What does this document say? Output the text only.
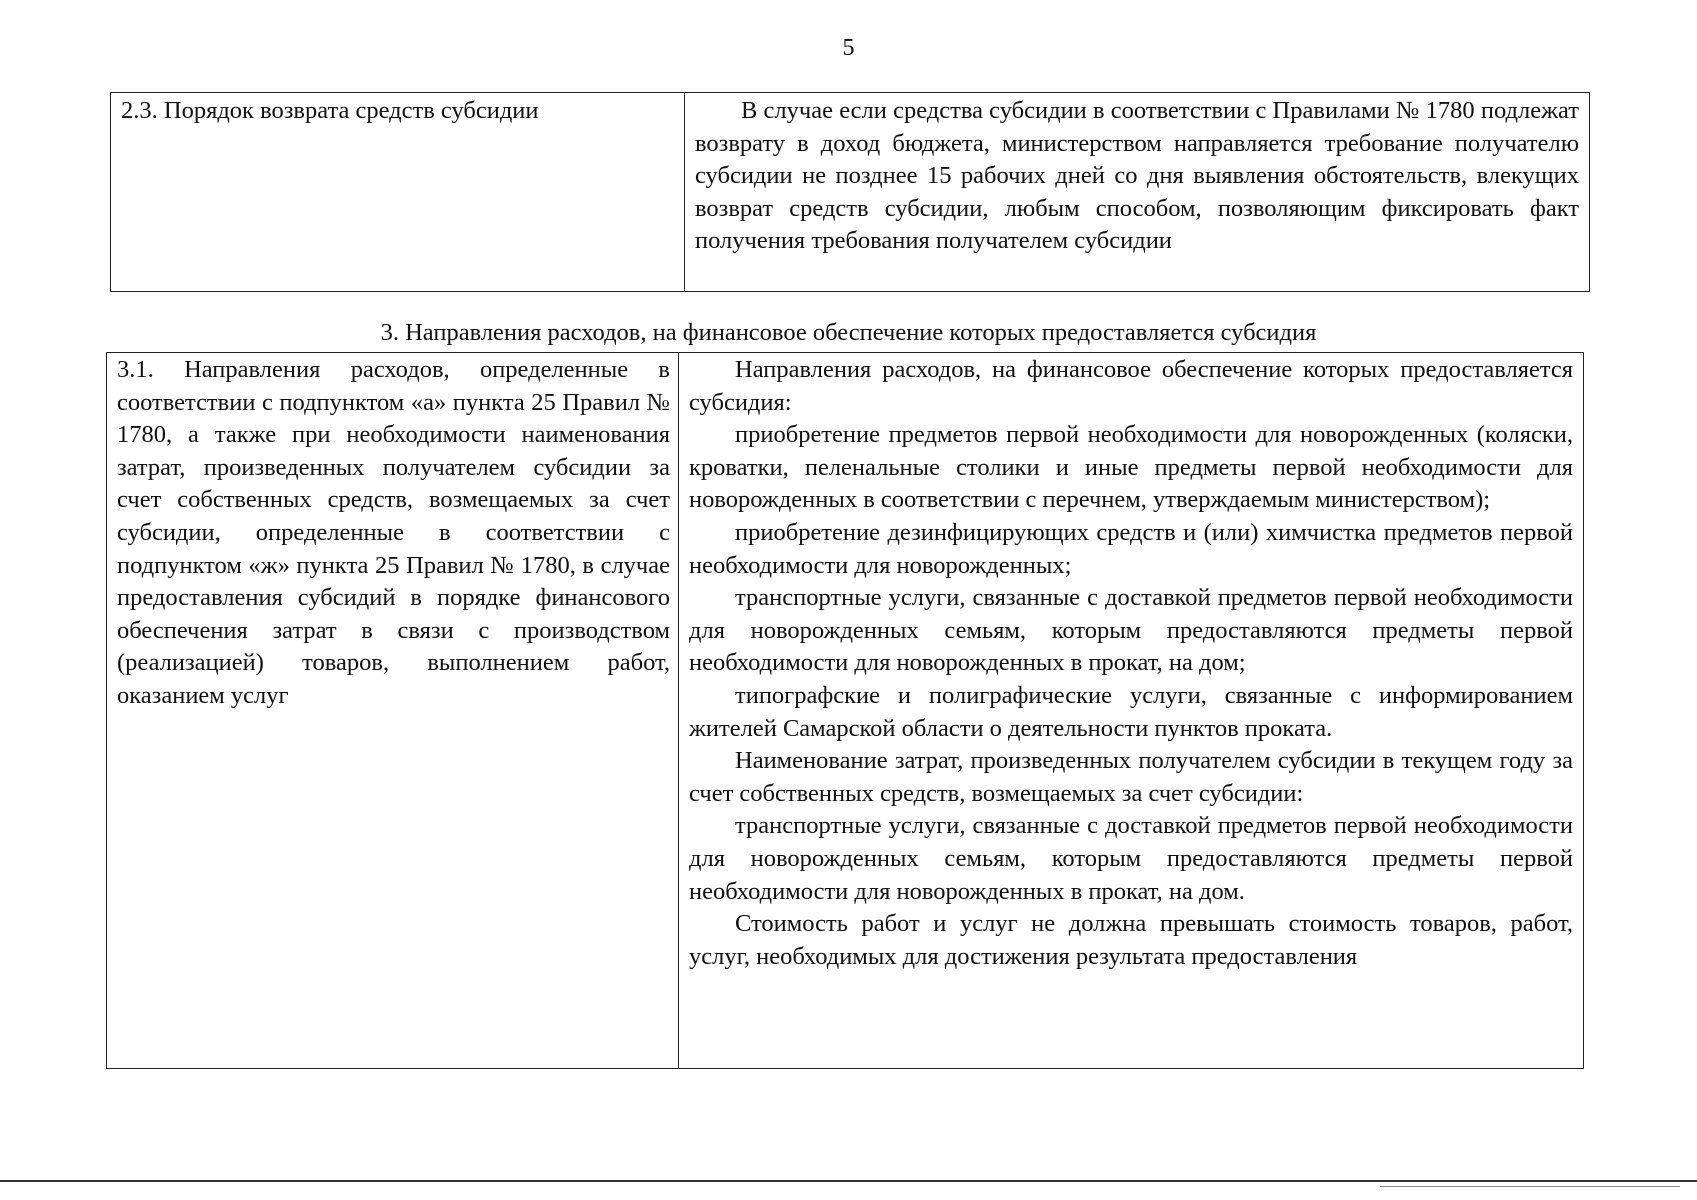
5
2.3. Порядок возврата средств субсидии	В случае если средства субсидии в соответствии с Правилами № 1780 подлежат возврату в доход бюджета, министерством направляется требование получателю субсидии не позднее 15 рабочих дней со дня выявления обстоятельств, влекущих возврат средств субсидии, любым способом, позволяющим фиксировать факт получения требования получателем субсидии
3. Направления расходов, на финансовое обеспечение которых предоставляется субсидия
3.1. Направления расходов, определенные в соответствии с подпунктом «а» пункта 25 Правил № 1780, а также при необходимости наименования затрат, произведенных получателем субсидии за счет собственных средств, возмещаемых за счет субсидии, определенные в соответствии с подпунктом «ж» пункта 25 Правил № 1780, в случае предоставления субсидий в порядке финансового обеспечения затрат в связи с производством (реализацией) товаров, выполнением работ, оказанием услуг

Направления расходов, на финансовое обеспечение которых предоставляется субсидия:

приобретение предметов первой необходимости для новорожденных (коляски, кроватки, пеленальные столики и иные предметы первой необходимости для новорожденных в соответствии с перечнем, утверждаемым министерством);

приобретение дезинфицирующих средств и (или) химчистка предметов первой необходимости для новорожденных;

транспортные услуги, связанные с доставкой предметов первой необходимости для новорожденных семьям, которым предоставляются предметы первой необходимости для новорожденных в прокат, на дом;

типографские и полиграфические услуги, связанные с информированием жителей Самарской области о деятельности пунктов проката.

Наименование затрат, произведенных получателем субсидии в текущем году за счет собственных средств, возмещаемых за счет субсидии:

транспортные услуги, связанные с доставкой предметов первой необходимости для новорожденных семьям, которым предоставляются предметы первой необходимости для новорожденных в прокат, на дом.

Стоимость работ и услуг не должна превышать стоимость товаров, работ, услуг, необходимых для достижения результата предоставления
